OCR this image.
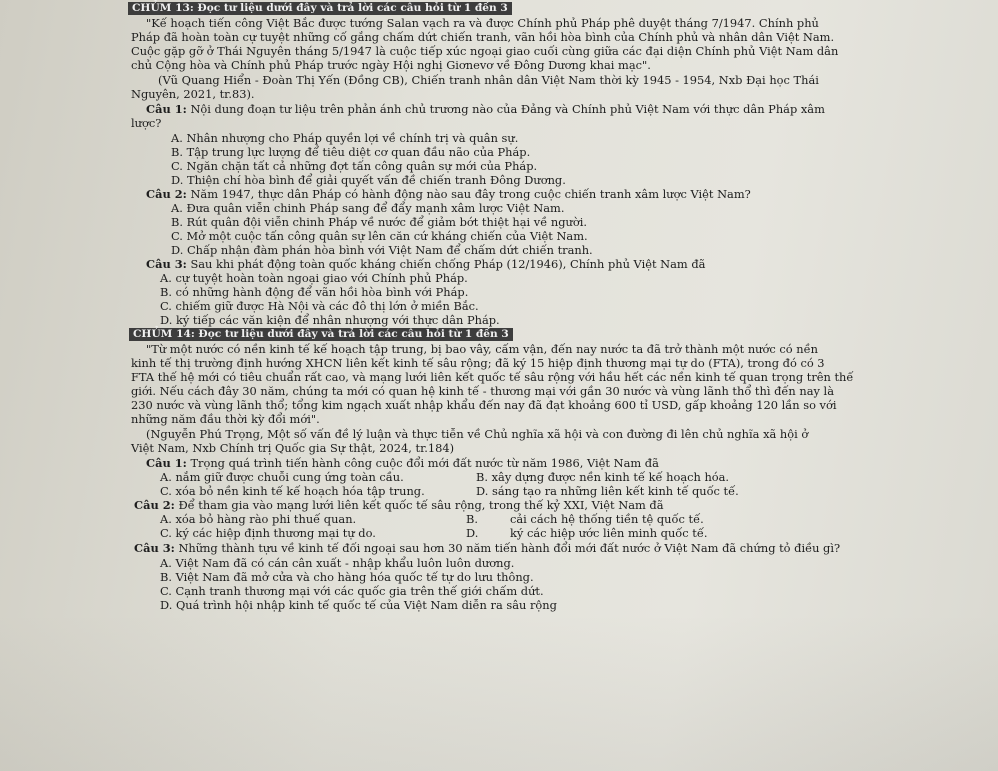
CHỦM 13: Đọc tư liệu dưới đây và trả lời các câu hỏi từ 1 đến 3
"Kế hoạch tiến công Việt Bắc được tướng Salan vạch ra và được Chính phủ Pháp phê duyệt tháng 7/1947. Chính phủ
Pháp đã hoàn toàn cự tuyệt những cố gắng chấm dứt chiến tranh, vãn hồi hòa bình của Chính phủ và nhân dân Việt Nam.
Cuộc gặp gỡ ở Thái Nguyên tháng 5/1947 là cuộc tiếp xúc ngoại giao cuối cùng giữa các đại diện Chính phủ Việt Nam dân
chủ Cộng hòa và Chính phủ Pháp trước ngày Hội nghị Giơnevơ về Đông Dương khai mạc".
(Vũ Quang Hiển - Đoàn Thị Yến (Đồng CB), Chiến tranh nhân dân Việt Nam thời kỳ 1945 - 1954, Nxb Đại học Thái
Nguyên, 2021, tr.83).
Câu 1: Nội dung đoạn tư liệu trên phản ánh chủ trương nào của Đảng và Chính phủ Việt Nam với thực dân Pháp xâm
lược?
A. Nhân nhượng cho Pháp quyền lợi về chính trị và quân sự.
B. Tập trung lực lượng để tiêu diệt cơ quan đầu não của Pháp.
C. Ngăn chặn tất cả những đợt tấn công quân sự mới của Pháp.
D. Thiện chí hòa bình để giải quyết vấn đề chiến tranh Đông Dương.
Câu 2: Năm 1947, thực dân Pháp có hành động nào sau đây trong cuộc chiến tranh xâm lược Việt Nam?
A. Đưa quân viễn chinh Pháp sang để đẩy mạnh xâm lược Việt Nam.
B. Rút quân đội viễn chinh Pháp về nước để giảm bớt thiệt hại về người.
C. Mở một cuộc tấn công quân sự lên căn cứ kháng chiến của Việt Nam.
D. Chấp nhận đàm phán hòa bình với Việt Nam để chấm dứt chiến tranh.
Câu 3: Sau khi phát động toàn quốc kháng chiến chống Pháp (12/1946), Chính phủ Việt Nam đã
A. cự tuyệt hoàn toàn ngoại giao với Chính phủ Pháp.
B. có những hành động để vãn hồi hòa bình với Pháp.
C. chiếm giữ được Hà Nội và các đô thị lớn ở miền Bắc.
D. ký tiếp các văn kiện để nhân nhượng với thực dân Pháp.
CHỦM 14: Đọc tư liệu dưới đây và trả lời các câu hỏi từ 1 đến 3
"Từ một nước có nền kinh tế kế hoạch tập trung, bị bao vây, cấm vận, đến nay nước ta đã trở thành một nước có nền
kinh tế thị trường định hướng XHCN liên kết kinh tế sâu rộng; đã ký 15 hiệp định thương mại tự do (FTA), trong đó có 3
FTA thế hệ mới có tiêu chuẩn rất cao, và mạng lưới liên kết quốc tế sâu rộng với hầu hết các nền kinh tế quan trọng trên thế
giới. Nếu cách đây 30 năm, chúng ta mới có quan hệ kinh tế - thương mại với gần 30 nước và vùng lãnh thổ thì đến nay là
230 nước và vùng lãnh thổ; tổng kim ngạch xuất nhập khẩu đến nay đã đạt khoảng 600 tỉ USD, gấp khoảng 120 lần so với
những năm đầu thời kỳ đổi mới".
(Nguyễn Phú Trọng, Một số vấn đề lý luận và thực tiễn về Chủ nghĩa xã hội và con đường đi lên chủ nghĩa xã hội ở
Việt Nam, Nxb Chính trị Quốc gia Sự thật, 2024, tr.184)
Câu 1: Trọng quá trình tiến hành công cuộc đổi mới đất nước từ năm 1986, Việt Nam đã
A. nắm giữ được chuỗi cung ứng toàn cầu.	B. xây dựng được nền kinh tế kế hoạch hóa.
C. xóa bỏ nền kinh tế kế hoạch hóa tập trung.	D. sáng tạo ra những liên kết kinh tế quốc tế.
Câu 2: Để tham gia vào mạng lưới liên kết quốc tế sâu rộng, trong thế kỷ XXI, Việt Nam đã
A. xóa bỏ hàng rào phi thuế quan.	B.	cải cách hệ thống tiền tệ quốc tế.
C. ký các hiệp định thương mại tự do.	D.	ký các hiệp ước liên minh quốc tế.
Câu 3: Những thành tựu về kinh tế đối ngoại sau hơn 30 năm tiến hành đổi mới đất nước ở Việt Nam đã chứng tỏ điều gì?
A. Việt Nam đã có cán cân xuất - nhập khẩu luôn luôn dương.
B. Việt Nam đã mở cửa và cho hàng hóa quốc tế tự do lưu thông.
C. Cạnh tranh thương mại với các quốc gia trên thế giới chấm dứt.
D. Quá trình hội nhập kinh tế quốc tế của Việt Nam diễn ra sâu rộng
